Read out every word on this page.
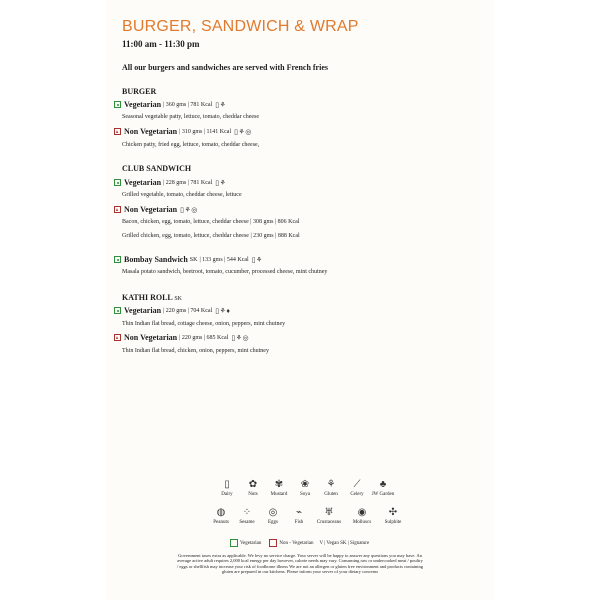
BURGER, SANDWICH & WRAP
11:00 am - 11:30 pm
All our burgers and sandwiches are served with French fries
BURGER
Vegetarian | 360 gms | 781 Kcal ▯⚘
Seasonal vegetable patty, lettuce, tomato, cheddar cheese
Non Vegetarian | 310 gms | 1141 Kcal ▯⚘◎
Chicken patty, fried egg, lettuce, tomato, cheddar cheese,
CLUB SANDWICH
Vegetarian | 228 gms | 781 Kcal ▯⚘
Grilled vegetable, tomato, cheddar cheese, lettuce
Non Vegetarian ▯⚘◎
Bacon, chicken, egg, tomato, lettuce, cheddar cheese | 308 gms | 806 Kcal
Grilled chicken, egg, tomato, lettuce, cheddar cheese | 230 gms | 888 Kcal
Bombay Sandwich SK | 133 gms | 544 Kcal ▯⚘
Masala potato sandwich, beetroot, tomato, cucumber, processed cheese, mint chutney
KATHI ROLL SK
Vegetarian | 220 gms | 704 Kcal ▯⚘♦
Thin Indian flat bread, cottage cheese, onion, peppers, mint chutney
Non Vegetarian | 220 gms | 685 Kcal ▯⚘◎
Thin Indian flat bread, chicken, onion, peppers, mint chutney
▯
Dairy
✿
Nuts
✾
Mustard
❀
Soya
⚘
Gluten
⟋
Celery
♣
JW Garden
◍
Peanuts
⁘
Sesame
◎
Eggs
⌁
Fish
♅
Crustaceans
◉
Molluscs
✣
Sulphite
Vegetarian	Non - Vegetarian V | Vegan SK | Signature
Government taxes extra as applicable. We levy no service charge. Your server will be happy to answer any questions you may have. An average active adult requires 2,000 kcal energy per day however, calorie needs may vary. Consuming raw or undercooked meat / poultry / eggs or shellfish may increase your risk of foodborne illness We are not an allergen or gluten free environment and products containing gluten are prepared in our kitchens. Please inform your server of your dietary concerns
